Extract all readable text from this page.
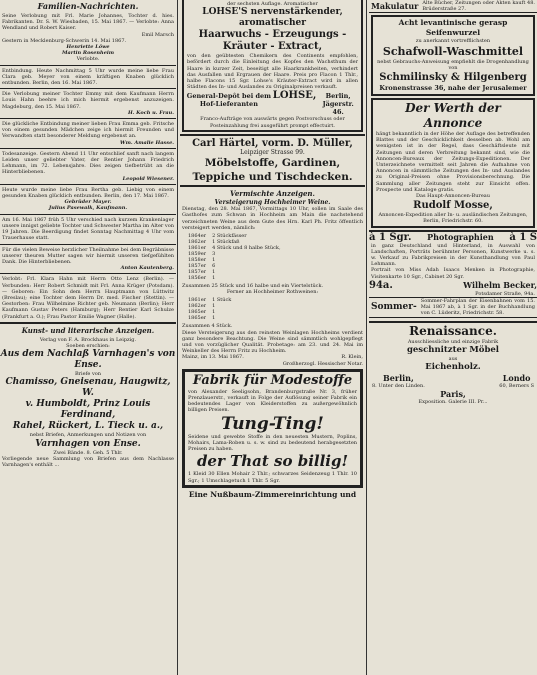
Familien-Nachrichten.
Seine Verlobung mit Frl. Marie Johannes, Tochter d. hies. Fabrikanten. Dr. S. W. Wiesbaden, 15. Mai 1867. — Verlobte: Anna Wendland und Robert Kaiser.
Emil Marsch
Gestern in Mecklenburg-Schwerin 14. Mai 1867.
Henriette Löwe
Martin Rosenheim
Verlobte.
Entbindung. Heute Nachmittag 5 Uhr wurde meine liebe Frau Clara geb. Meyer von einem kräftigen Knaben glücklich entbunden. Berlin, den 16. Mai 1867.
Die Verlobung meiner Tochter Emmy mit dem Kaufmann Herrn Louis Hahn beehre ich mich hiermit ergebenst anzuzeigen. Magdeburg, den 15. Mai 1867.
H. Koch u. Frau.
Die glückliche Entbindung meiner lieben Frau Emma geb. Fritsche von einem gesunden Mädchen zeige ich hiermit Freunden und Verwandten statt besonderer Meldung ergebenst an.
Wm. Amalie Hasse.
Todesanzeige. Gestern Abend 11 Uhr entschlief sanft nach langem Leiden unser geliebter Vater, der Rentier Johann Friedrich Lehmann, im 72. Lebensjahre. Dies zeigen tiefbetrübt an die Hinterbliebenen.
Leopold Wiesener.
Heute wurde meine liebe Frau Bertha geb. Liebig von einem gesunden Knaben glücklich entbunden. Berlin, den 17. Mai 1867.
Gebrüder Mayer.
Julius Pasewalk, Kaufmann.
Am 16. Mai 1867 früh 5 Uhr verschied nach kurzem Krankenlager unsere innigst geliebte Tochter und Schwester Martha im Alter von 19 Jahren. Die Beerdigung findet Sonntag Nachmittag 4 Uhr vom Trauerhause statt.
Für die vielen Beweise herzlicher Theilnahme bei dem Begräbnisse unserer theuren Mutter sagen wir hiermit unseren tiefgefühlten Dank. Die Hinterbliebenen.
Anton Kautenberg.
Verlobt: Frl. Klara Hahn mit Herrn Otto Lenz (Berlin). — Verbunden: Herr Robert Schmidt mit Frl. Anna Krüger (Potsdam). — Geboren: Ein Sohn dem Herrn Hauptmann von Lüttwitz (Breslau); eine Tochter dem Herrn Dr. med. Fischer (Stettin). — Gestorben: Frau Wilhelmine Richter geb. Neumann (Berlin); Herr Kaufmann Gustav Peters (Hamburg); Herr Rentier Karl Schulze (Frankfurt a. O.); Frau Pastor Emilie Wagner (Halle).
Kunst- und literarische Anzeigen.
Verlag von F. A. Brockhaus in Leipzig.
Soeben erschien:
Aus dem Nachlaß Varnhagen's von Ense.
Briefe von
Chamisso, Gneisenau, Haugwitz, W.
v. Humboldt, Prinz Louis Ferdinand,
Rahel, Rückert, L. Tieck u. a.,
nebst Briefen, Anmerkungen und Notizen von
Varnhagen von Ense.
Zwei Bände. 8. Geh. 5 Thlr.
Vorliegende neue Sammlung von Briefen aus dem Nachlasse Varnhagen's enthält ...
der sechsten Auflage. Aromatischer
LOHSE'S nervenstärkender, aromatischer
Haarwuchs - Erzeugungs - Kräuter - Extract,
von den geübtesten Chemikern des Continents empfohlen, befördert durch die Einleitung des Kopfes den Wachsthum der Haare in kurzer Zeit, beseitigt alle Haarkrankheiten, verhindert das Ausfallen und Ergrauen der Haare. Preis pro Flacon 1 Thlr., halbe Flacons 15 Sgr. Lohse's Kräuter-Extract wird in allen Städten des In- und Auslandes zu Originalpreisen verkauft.
General-Depôt bei dem Hof-Lieferanten
LOHSE,	Berlin, Jägerstr. 46.
Franco-Aufträge von auswärts gegen Postvorschuss oder Posteinzahlung frei ausgeführt prompt effectuirt.
Carl Härtel, vorm. D. Müller,
Leipziger Strasse 99.
Möbelstoffe, Gardinen, Teppiche und Tischdecken.
Vermischte Anzeigen.
Versteigerung Hochheimer Weine.
Dienstag, den 28. Mai 1867, Vormittags 10 Uhr, sollen im Saale des Gasthofes zum Schwan in Hochheim am Main die nachstehend verzeichneten Weine aus dem Gute des Hrn. Karl Ph. Fritz öffentlich versteigert werden, nämlich:
1864er	2 Stückfässer
1862er	1 Stückfaß
1861er	4 Stück und 8 halbe Stück,
1859er	3
1858er	1
1857er	6
1857er	1
1856er	1
Zusammen 25 Stück und 16 halbe und ein Viertelstück.
Ferner an Hochheimer Rothweinen:
1861er	1 Stück
1862er	1
1865er	1
1865er	1
Zusammen 4 Stück.
Diese Versteigerung aus den reinsten Weinlagen Hochheims verdient ganz besondere Beachtung. Die Weine sind sämmtlich wohlgepflegt und von vorzüglicher Qualität. Probetage: am 23. und 24. Mai im Weinkeller des Herrn Fritz zu Hochheim.
Mainz, im 13. Mai 1867.	R. Klein,
Großherzogl. Hessischer Notar.
Fabrik für Modestoffe
von Alexander Seeligsohn, Brandenburgstraße Nr. 3, früher Prenzlauerstr., verkauft in Folge der Auflösung seiner Fabrik ein bedeutendes Lager von Kleiderstoffen zu außergewöhnlich billigen Preisen.
Tung-Ting!
Seidene und gewebte Stoffe in den neuesten Mustern, Poplins, Mohairs, Lama-Roben u. s. w. sind zu bedeutend herabgesetzten Preisen zu haben.
der That so billig!
1 Kleid 30 Ellen Mohair 2 Thlr.; schwarzes Seidenzeug 1 Thlr. 10 Sgr.; 1 Umschlagetuch 1 Thlr. 5 Sgr.
Eine Nußbaum-Zimmereinrichtung und
Makulatur Alte Bücher, Zeitungen oder Akten kauft 48. Brüderstraße 27.
Acht levantinische gerasp
Seifenwurzel
zu anerkannt vortrefflichsten
Schafwoll-Waschmittel
nebst Gebrauchs-Anweisung empfiehlt die Drogenhandlung von
Schmilinsky & Hilgenberg
Kronenstrasse 36, nahe der Jerusalemer
Der Werth der Annonce
hängt bekanntlich in der Höhe der Auflage des betreffenden Blattes und der Geschicklichkeit desselben ab. Wohl am wenigsten ist in der Regel, dass Geschäftsleute mit Zeitungen und deren Verbreitung bekannt sind, wie die Annoncen-Bureaux der Zeitungs-Expeditionen. Der Unterzeichnete vermittelt seit Jahren die Aufnahme von Annoncen in sämmtliche Zeitungen des In- und Auslandes zu Original-Preisen ohne Provisionsberechnung. Die Sammlung aller Zeitungen steht zur Einsicht offen. Prospecte und Kataloge gratis.
Das Haupt-Annoncen-Bureau
Rudolf Mosse,
Annoncen-Expedition aller In- u. ausländischen Zeitungen, Berlin, Friedrichstr. 60.
à 1 Sgr. Photographien à 1 S
in ganz Deutschland und Hinterland, in Auswahl von Landschaften, Porträts berühmter Personen, Kunstwerke u. s. w. Verkauf zu Fabrikpreisen in der Kunsthandlung von Paul Lehmann.
Portrait von Miss Adah Isaacs Menken in Photographie, Visitenkarte 10 Sgr., Cabinet 20 Sgr.
94a.	Wilhelm Becker,
Potsdamer Straße, 94a.
Sommer-
Sommer-Fahrplan der Eisenbahnen vom 15. Mai 1867 ab, à 1 Sgr. in der Buchhandlung von C. Lüderitz, Friedrichstr. 58.
Renaissance.
Ausschliessliche und einzige Fabrik
geschnitzter Möbel
aus
Eichenholz.
Berlin,
8. Unter den Linden.
Londo
60, Berners S
Paris,
Exposition. Galerie III. Pr...
